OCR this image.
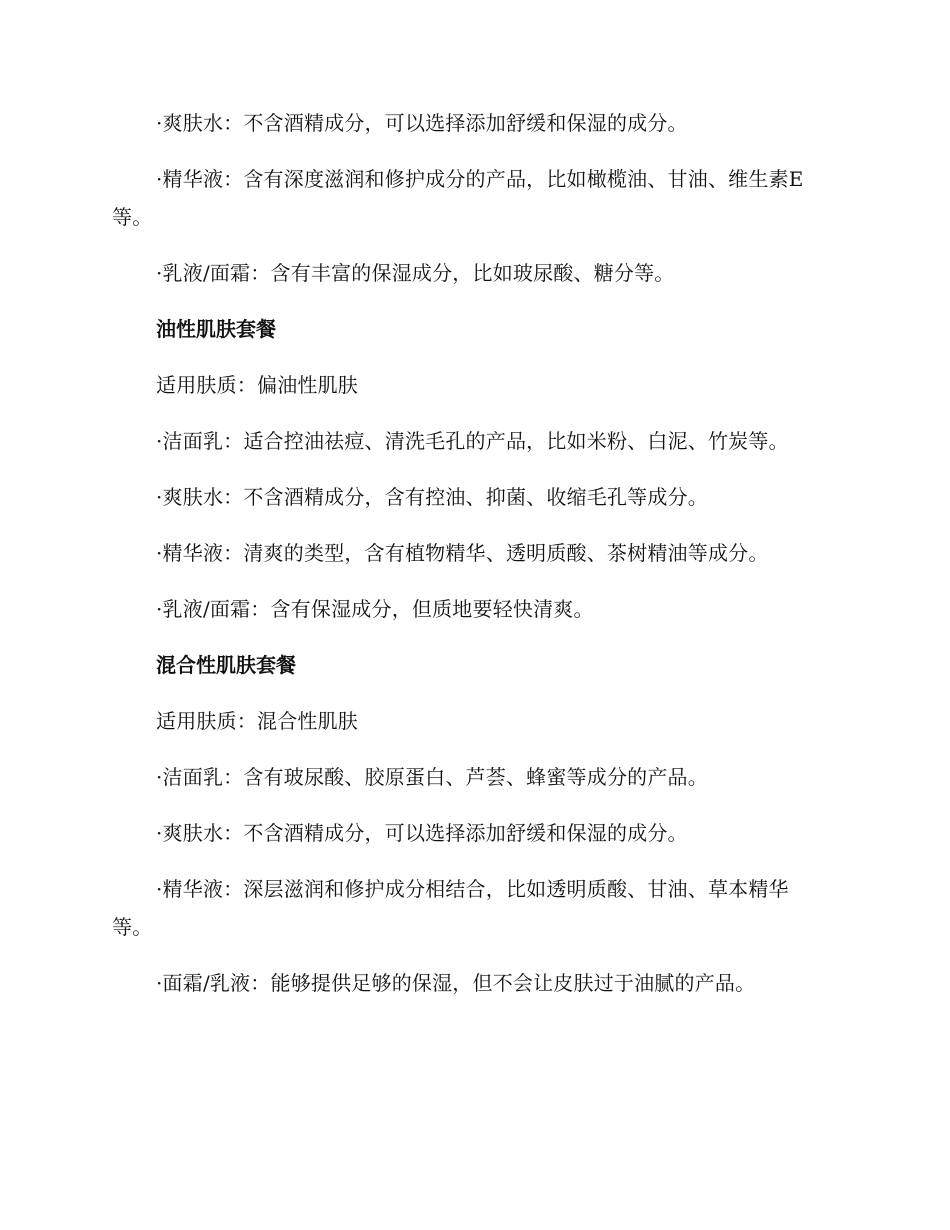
·爽肤水：不含酒精成分，可以选择添加舒缓和保湿的成分。

·精华液：含有深度滋润和修护成分的产品，比如橄榄油、甘油、维生素E等。

·乳液/面霜：含有丰富的保湿成分，比如玻尿酸、糖分等。

油性肌肤套餐

适用肤质：偏油性肌肤

·洁面乳：适合控油祛痘、清洗毛孔的产品，比如米粉、白泥、竹炭等。

·爽肤水：不含酒精成分，含有控油、抑菌、收缩毛孔等成分。

·精华液：清爽的类型，含有植物精华、透明质酸、茶树精油等成分。

·乳液/面霜：含有保湿成分，但质地要轻快清爽。

混合性肌肤套餐

适用肤质：混合性肌肤

·洁面乳：含有玻尿酸、胶原蛋白、芦荟、蜂蜜等成分的产品。

·爽肤水：不含酒精成分，可以选择添加舒缓和保湿的成分。

·精华液：深层滋润和修护成分相结合，比如透明质酸、甘油、草本精华等。

·面霜/乳液：能够提供足够的保湿，但不会让皮肤过于油腻的产品。
